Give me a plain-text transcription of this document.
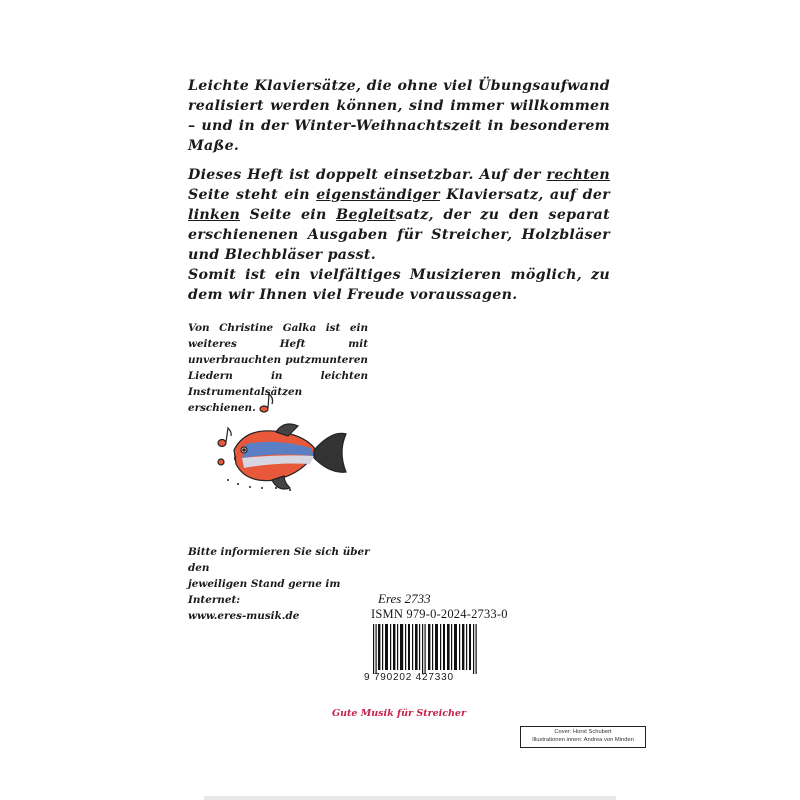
Leichte Klaviersätze, die ohne viel Übungsaufwand realisiert werden können, sind immer willkommen – und in der Winter-Weihnachtszeit in besonderem Maße.

Dieses Heft ist doppelt einsetzbar. Auf der rechten Seite steht ein eigenständiger Klaviersatz, auf der linken Seite ein Begleitsatz, der zu den separat erschienenen Ausgaben für Streicher, Holzbläser und Blechbläser passt.

Somit ist ein vielfältiges Musizieren möglich, zu dem wir Ihnen viel Freude voraussagen.

Von Christine Galka ist ein weiteres Heft mit unverbrauchten putzmunteren Liedern in leichten Instrumentalsätzen erschienen.
Bitte informieren Sie sich über den
jeweiligen Stand gerne im Internet:
www.eres-musik.de
Eres 2733
ISMN 979-0-2024-2733-0
9 790202 427330
Gute Musik für Streicher
Cover: Horst Schubert
Illustrationen innen: Andrea von Minden
